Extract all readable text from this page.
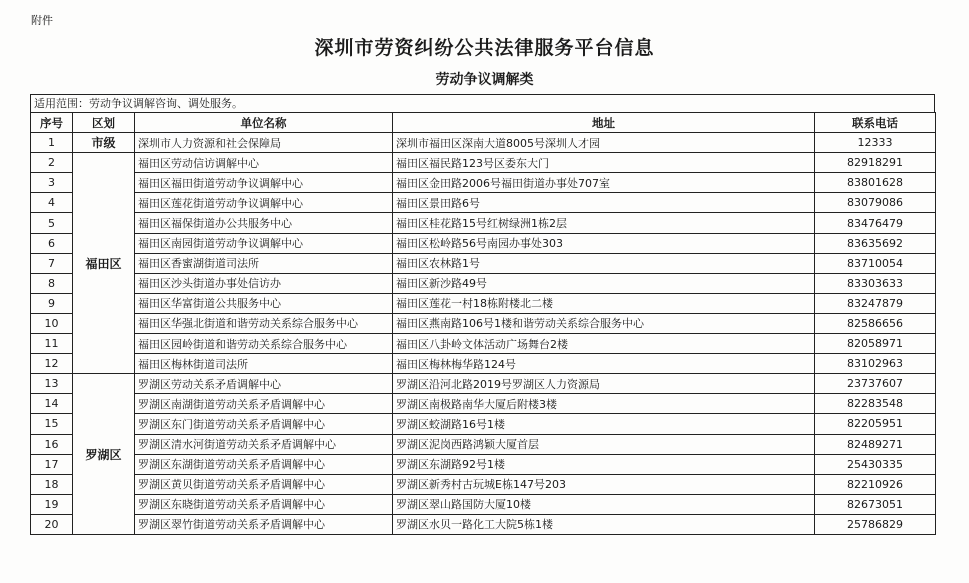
附件
深圳市劳资纠纷公共法律服务平台信息
劳动争议调解类
适用范围：劳动争议调解咨询、调处服务。
序号	区划	单位名称	地址	联系电话
1	市级	深圳市人力资源和社会保障局	深圳市福田区深南大道8005号深圳人才园	12333
2	福田区	福田区劳动信访调解中心	福田区福民路123号区委东大门	82918291
3		福田区福田街道劳动争议调解中心	福田区金田路2006号福田街道办事处707室	83801628
4		福田区莲花街道劳动争议调解中心	福田区景田路6号	83079086
5		福田区福保街道办公共服务中心	福田区桂花路15号红树绿洲1栋2层	83476479
6		福田区南园街道劳动争议调解中心	福田区松岭路56号南园办事处303	83635692
7		福田区香蜜湖街道司法所	福田区农林路1号	83710054
8		福田区沙头街道办事处信访办	福田区新沙路49号	83303633
9		福田区华富街道公共服务中心	福田区莲花一村18栋附楼北二楼	83247879
10		福田区华强北街道和谐劳动关系综合服务中心	福田区燕南路106号1楼和谐劳动关系综合服务中心	82586656
11		福田区园岭街道和谐劳动关系综合服务中心	福田区八卦岭文体活动广场舞台2楼	82058971
12		福田区梅林街道司法所	福田区梅林梅华路124号	83102963
13	罗湖区	罗湖区劳动关系矛盾调解中心	罗湖区沿河北路2019号罗湖区人力资源局	23737607
14		罗湖区南湖街道劳动关系矛盾调解中心	罗湖区南极路南华大厦后附楼3楼	82283548
15		罗湖区东门街道劳动关系矛盾调解中心	罗湖区蛟湖路16号1楼	82205951
16		罗湖区清水河街道劳动关系矛盾调解中心	罗湖区泥岗西路鸿颖大厦首层	82489271
17		罗湖区东湖街道劳动关系矛盾调解中心	罗湖区东湖路92号1楼	25430335
18		罗湖区黄贝街道劳动关系矛盾调解中心	罗湖区新秀村古玩城E栋147号203	82210926
19		罗湖区东晓街道劳动关系矛盾调解中心	罗湖区翠山路国防大厦10楼	82673051
20		罗湖区翠竹街道劳动关系矛盾调解中心	罗湖区水贝一路化工大院5栋1楼	25786829
